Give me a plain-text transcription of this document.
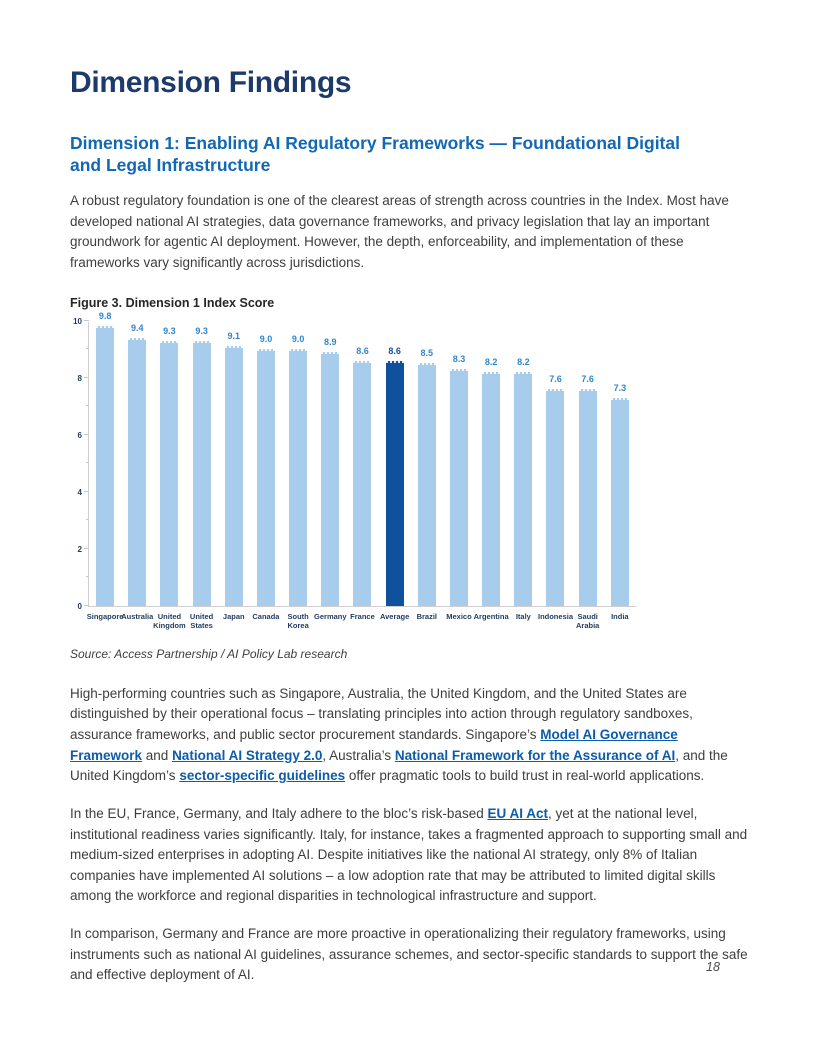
Dimension Findings
Dimension 1: Enabling AI Regulatory Frameworks — Foundational Digital and Legal Infrastructure

A robust regulatory foundation is one of the clearest areas of strength across countries in the Index. Most have developed national AI strategies, data governance frameworks, and privacy legislation that lay an important groundwork for agentic AI deployment. However, the depth, enforceability, and implementation of these frameworks vary significantly across jurisdictions.

Figure 3. Dimension 1 Index Score
0
2
4
6
8
10	9.8
Singapore
9.4
Australia
9.3
United Kingdom
9.3
United States
9.1
Japan
9.0
Canada
9.0
South Korea
8.9
Germany
8.6
France
8.6
Average
8.5
Brazil
8.3
Mexico
8.2
Argentina
8.2
Italy
7.6
Indonesia
7.6
Saudi Arabia
7.3
India
Source: Access Partnership / AI Policy Lab research

High-performing countries such as Singapore, Australia, the United Kingdom, and the United States are distinguished by their operational focus – translating principles into action through regulatory sandboxes, assurance frameworks, and public sector procurement standards. Singapore’s Model AI Governance Framework and National AI Strategy 2.0, Australia’s National Framework for the Assurance of AI, and the United Kingdom’s sector-specific guidelines offer pragmatic tools to build trust in real-world applications.

In the EU, France, Germany, and Italy adhere to the bloc’s risk-based EU AI Act, yet at the national level, institutional readiness varies significantly. Italy, for instance, takes a fragmented approach to supporting small and medium-sized enterprises in adopting AI. Despite initiatives like the national AI strategy, only 8% of Italian companies have implemented AI solutions – a low adoption rate that may be attributed to limited digital skills among the workforce and regional disparities in technological infrastructure and support.

In comparison, Germany and France are more proactive in operationalizing their regulatory frameworks, using instruments such as national AI guidelines, assurance schemes, and sector-specific standards to support the safe and effective deployment of AI.

18
